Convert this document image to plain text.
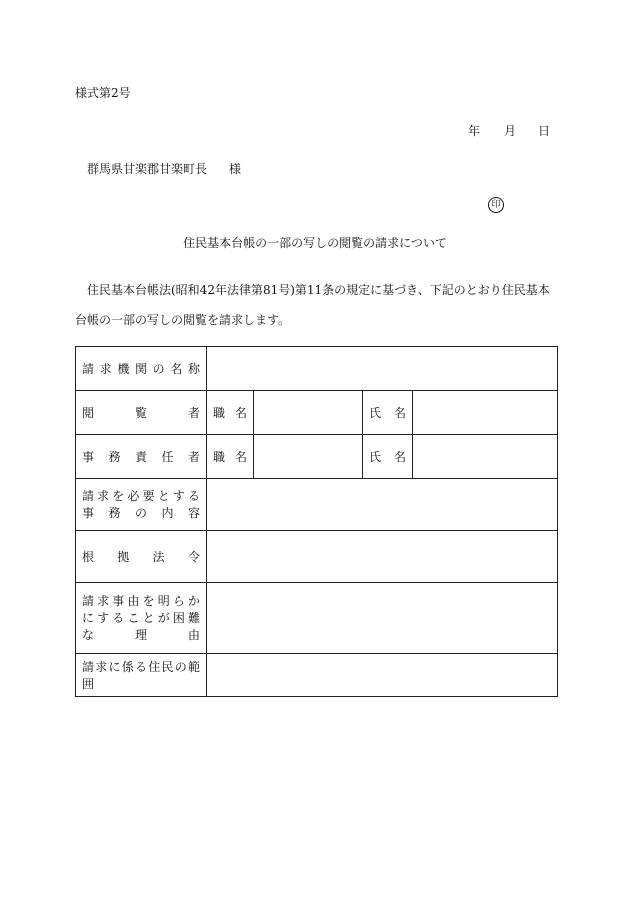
様式第2号
年 月 日
群馬県甘楽郡甘楽町長 様
印
住民基本台帳の一部の写しの閲覧の請求について
住民基本台帳法(昭和42年法律第81号)第11条の規定に基づき、下記のとおり住民基本台帳の一部の写しの閲覧を請求します。
請求機関の名称				
閲覧者	職名		氏名	
事務責任者	職名		氏名	

請求を必要とする
事務の内容				

根拠法令				

請求事由を明らか
にすることが困難
な理由				

請求に係る住民の範囲				
